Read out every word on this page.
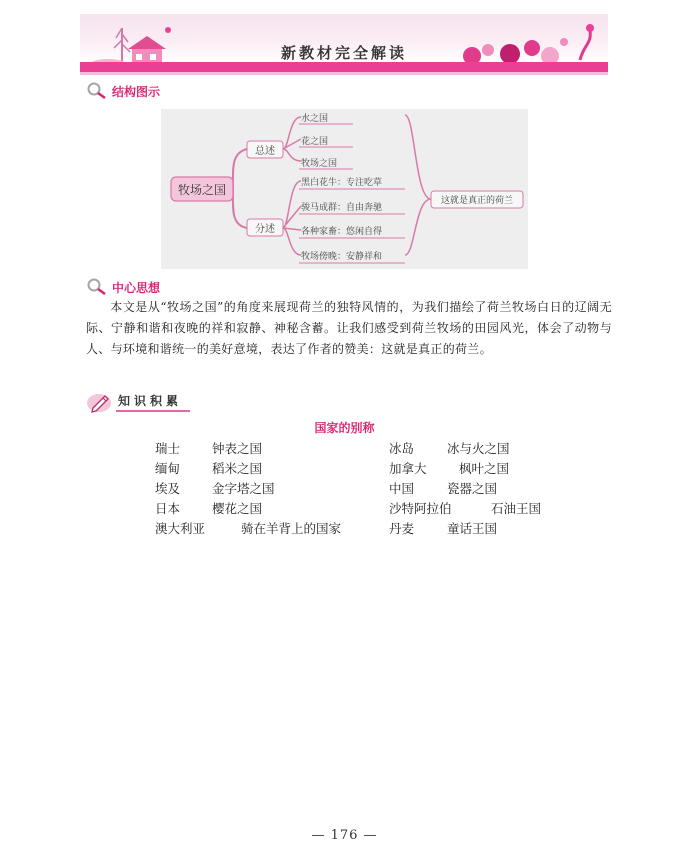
新教材完全解读
结构图示
牧场之国
总述
分述
水之国
花之国
牧场之国
黑白花牛：专注吃草
骏马成群：自由奔驰
各种家畜：悠闲自得
牧场傍晚：安静祥和
这就是真正的荷兰
中心思想
本文是从“牧场之国”的角度来展现荷兰的独特风情的，为我们描绘了荷兰牧场白日的辽阔无际、宁静和谐和夜晚的祥和寂静、神秘含蓄。让我们感受到荷兰牧场的田园风光，体会了动物与人、与环境和谐统一的美好意境，表达了作者的赞美：这就是真正的荷兰。
知识积累
国家的别称
瑞士	钟表之国
缅甸	稻米之国
埃及	金字塔之国
日本	樱花之国
澳大利亚	骑在羊背上的国家
冰岛	冰与火之国
加拿大	枫叶之国
中国	瓷器之国
沙特阿拉伯	石油王国
丹麦	童话王国
— 176 —
